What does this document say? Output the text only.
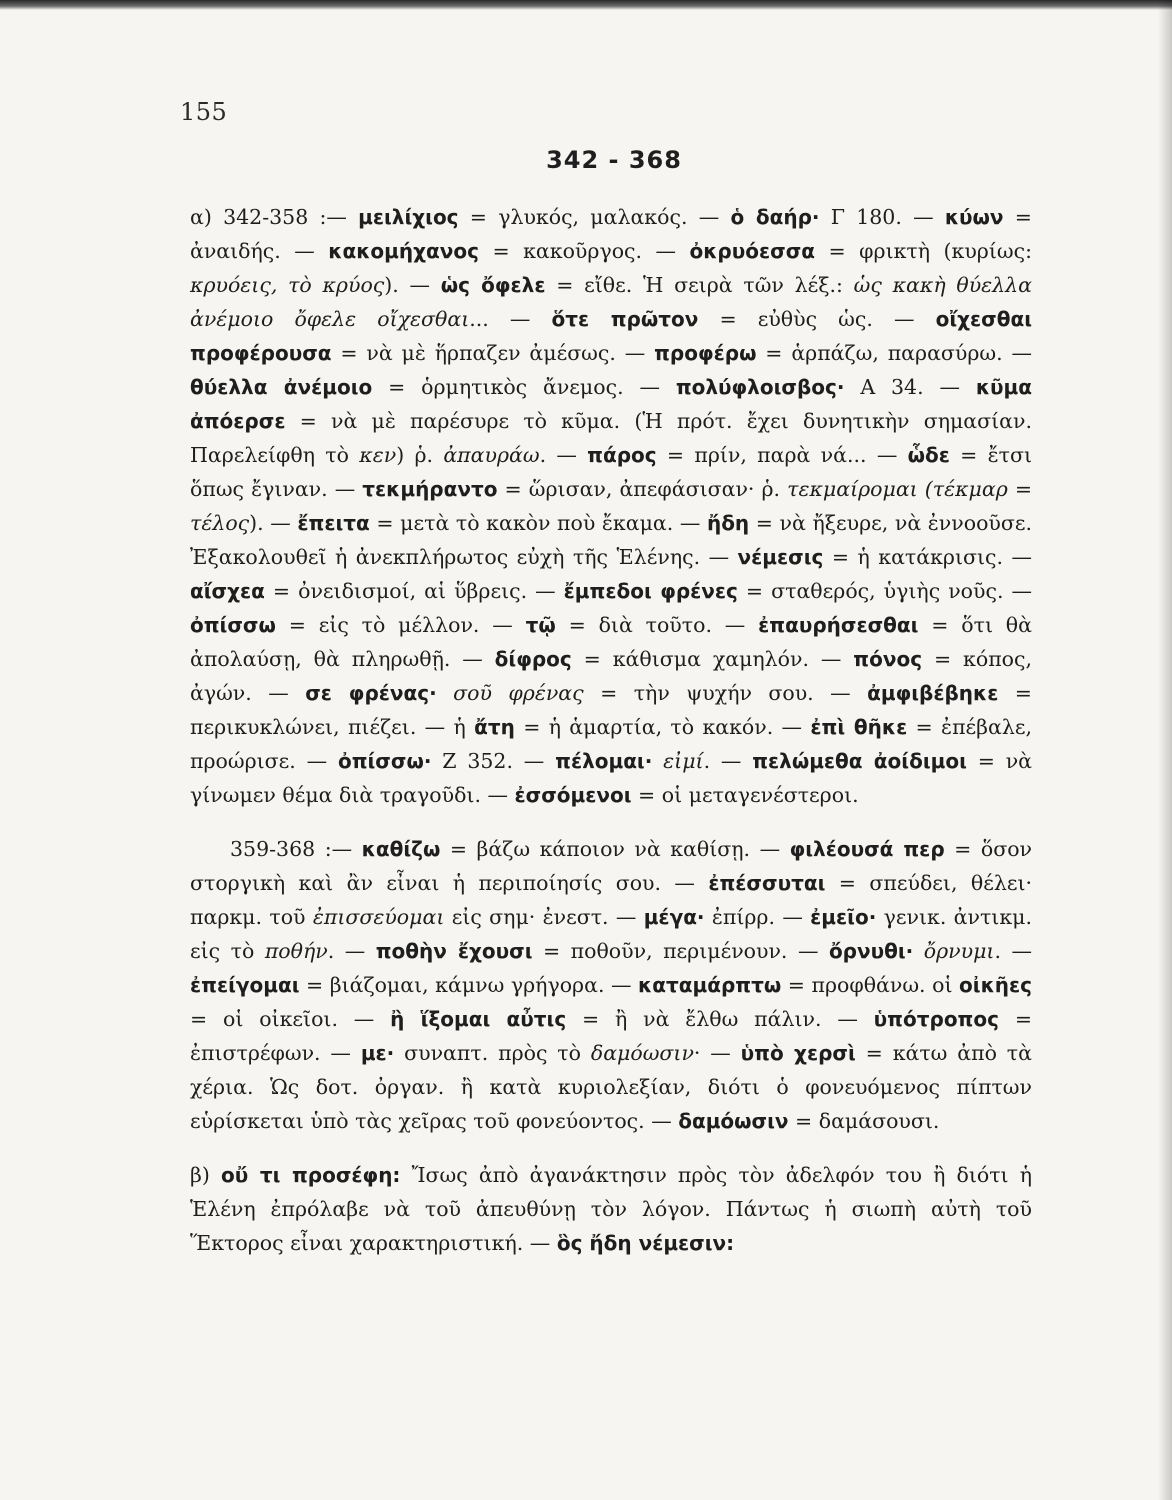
155
342 - 368

α) 342-358 :— μειλίχιος = γλυκός, μαλακός. — ὁ δαήρ· Γ 180. — κύων = ἀναιδής. — κακομήχανος = κακοῦργος. — ὀκρυόεσσα = φρικτὴ (κυρίως: κρυόεις, τὸ κρύος). — ὡς ὄφελε = εἴθε. Ἡ σειρὰ τῶν λέξ.: ὡς κακὴ θύελλα ἀνέμοιο ὄφελε οἴχεσθαι... — ὅτε πρῶτον = εὐθὺς ὡς. — οἴχεσθαι προφέρουσα = νὰ μὲ ἥρπαζεν ἀμέσως. — προφέρω = ἁρπάζω, παρασύρω. — θύελλα ἀνέμοιο = ὁρμητικὸς ἄνεμος. — πολύφλοισβος· Α 34. — κῦμα ἀπόερσε = νὰ μὲ παρέσυρε τὸ κῦμα. (Ἡ πρότ. ἔχει δυνητικὴν σημασίαν. Παρελείφθη τὸ κεν) ῥ. ἀπαυράω. — πάρος = πρίν, παρὰ νά... — ὧδε = ἔτσι ὅπως ἔγιναν. — τεκμήραντο = ὥρισαν, ἀπεφάσισαν· ῥ. τεκμαίρομαι (τέκμαρ = τέλος). — ἔπειτα = μετὰ τὸ κακὸν ποὺ ἔκαμα. — ἤδη = νὰ ἤξευρε, νὰ ἐννοοῦσε. Ἐξακολουθεῖ ἡ ἀνεκπλήρωτος εὐχὴ τῆς Ἑλένης. — νέμεσις = ἡ κατάκρισις. — αἴσχεα = ὀνειδισμοί, αἱ ὕβρεις. — ἔμπεδοι φρένες = σταθερός, ὑγιὴς νοῦς. — ὀπίσσω = εἰς τὸ μέλλον. — τῷ = διὰ τοῦτο. — ἐπαυρήσεσθαι = ὅτι θὰ ἀπολαύσῃ, θὰ πληρωθῇ. — δίφρος = κάθισμα χαμηλόν. — πόνος = κόπος, ἀγών. — σε φρένας· σοῦ φρένας = τὴν ψυχήν σου. — ἀμφιβέβηκε = περικυκλώνει, πιέζει. — ἡ ἄτη = ἡ ἁμαρτία, τὸ κακόν. — ἐπὶ θῆκε = ἐπέβαλε, προώρισε. — ὀπίσσω· Ζ 352. — πέλομαι· εἰμί. — πελώμεθα ἀοίδιμοι = νὰ γίνωμεν θέμα διὰ τραγοῦδι. — ἐσσόμενοι = οἱ μεταγενέστεροι.

359-368 :— καθίζω = βάζω κάποιον νὰ καθίσῃ. — φιλέουσά περ = ὅσον στοργικὴ καὶ ἂν εἶναι ἡ περιποίησίς σου. — ἐπέσσυται = σπεύδει, θέλει· παρκμ. τοῦ ἐπισσεύομαι εἰς σημ· ἐνεστ. — μέγα· ἐπίρρ. — ἐμεῖο· γενικ. ἀντικμ. εἰς τὸ ποθήν. — ποθὴν ἔχουσι = ποθοῦν, περιμένουν. — ὄρνυθι· ὄρνυμι. — ἐπείγομαι = βιάζομαι, κάμνω γρήγορα. — καταμάρπτω = προφθάνω. οἱ οἰκῆες = οἱ οἰκεῖοι. — ἢ ἵξομαι αὖτις = ἢ νὰ ἔλθω πάλιν. — ὑπότροπος = ἐπιστρέφων. — με· συναπτ. πρὸς τὸ δαμόωσιν· — ὑπὸ χερσὶ = κάτω ἀπὸ τὰ χέρια. Ὡς δοτ. ὀργαν. ἢ κατὰ κυριολεξίαν, διότι ὁ φονευόμενος πίπτων εὑρίσκεται ὑπὸ τὰς χεῖρας τοῦ φονεύοντος. — δαμόωσιν = δαμάσουσι.

β) οὔ τι προσέφη: Ἴσως ἀπὸ ἀγανάκτησιν πρὸς τὸν ἀδελφόν του ἢ διότι ἡ Ἑλένη ἐπρόλαβε νὰ τοῦ ἀπευθύνῃ τὸν λόγον. Πάντως ἡ σιωπὴ αὐτὴ τοῦ Ἕκτορος εἶναι χαρακτηριστική. — ὃς ἤδη νέμεσιν:
